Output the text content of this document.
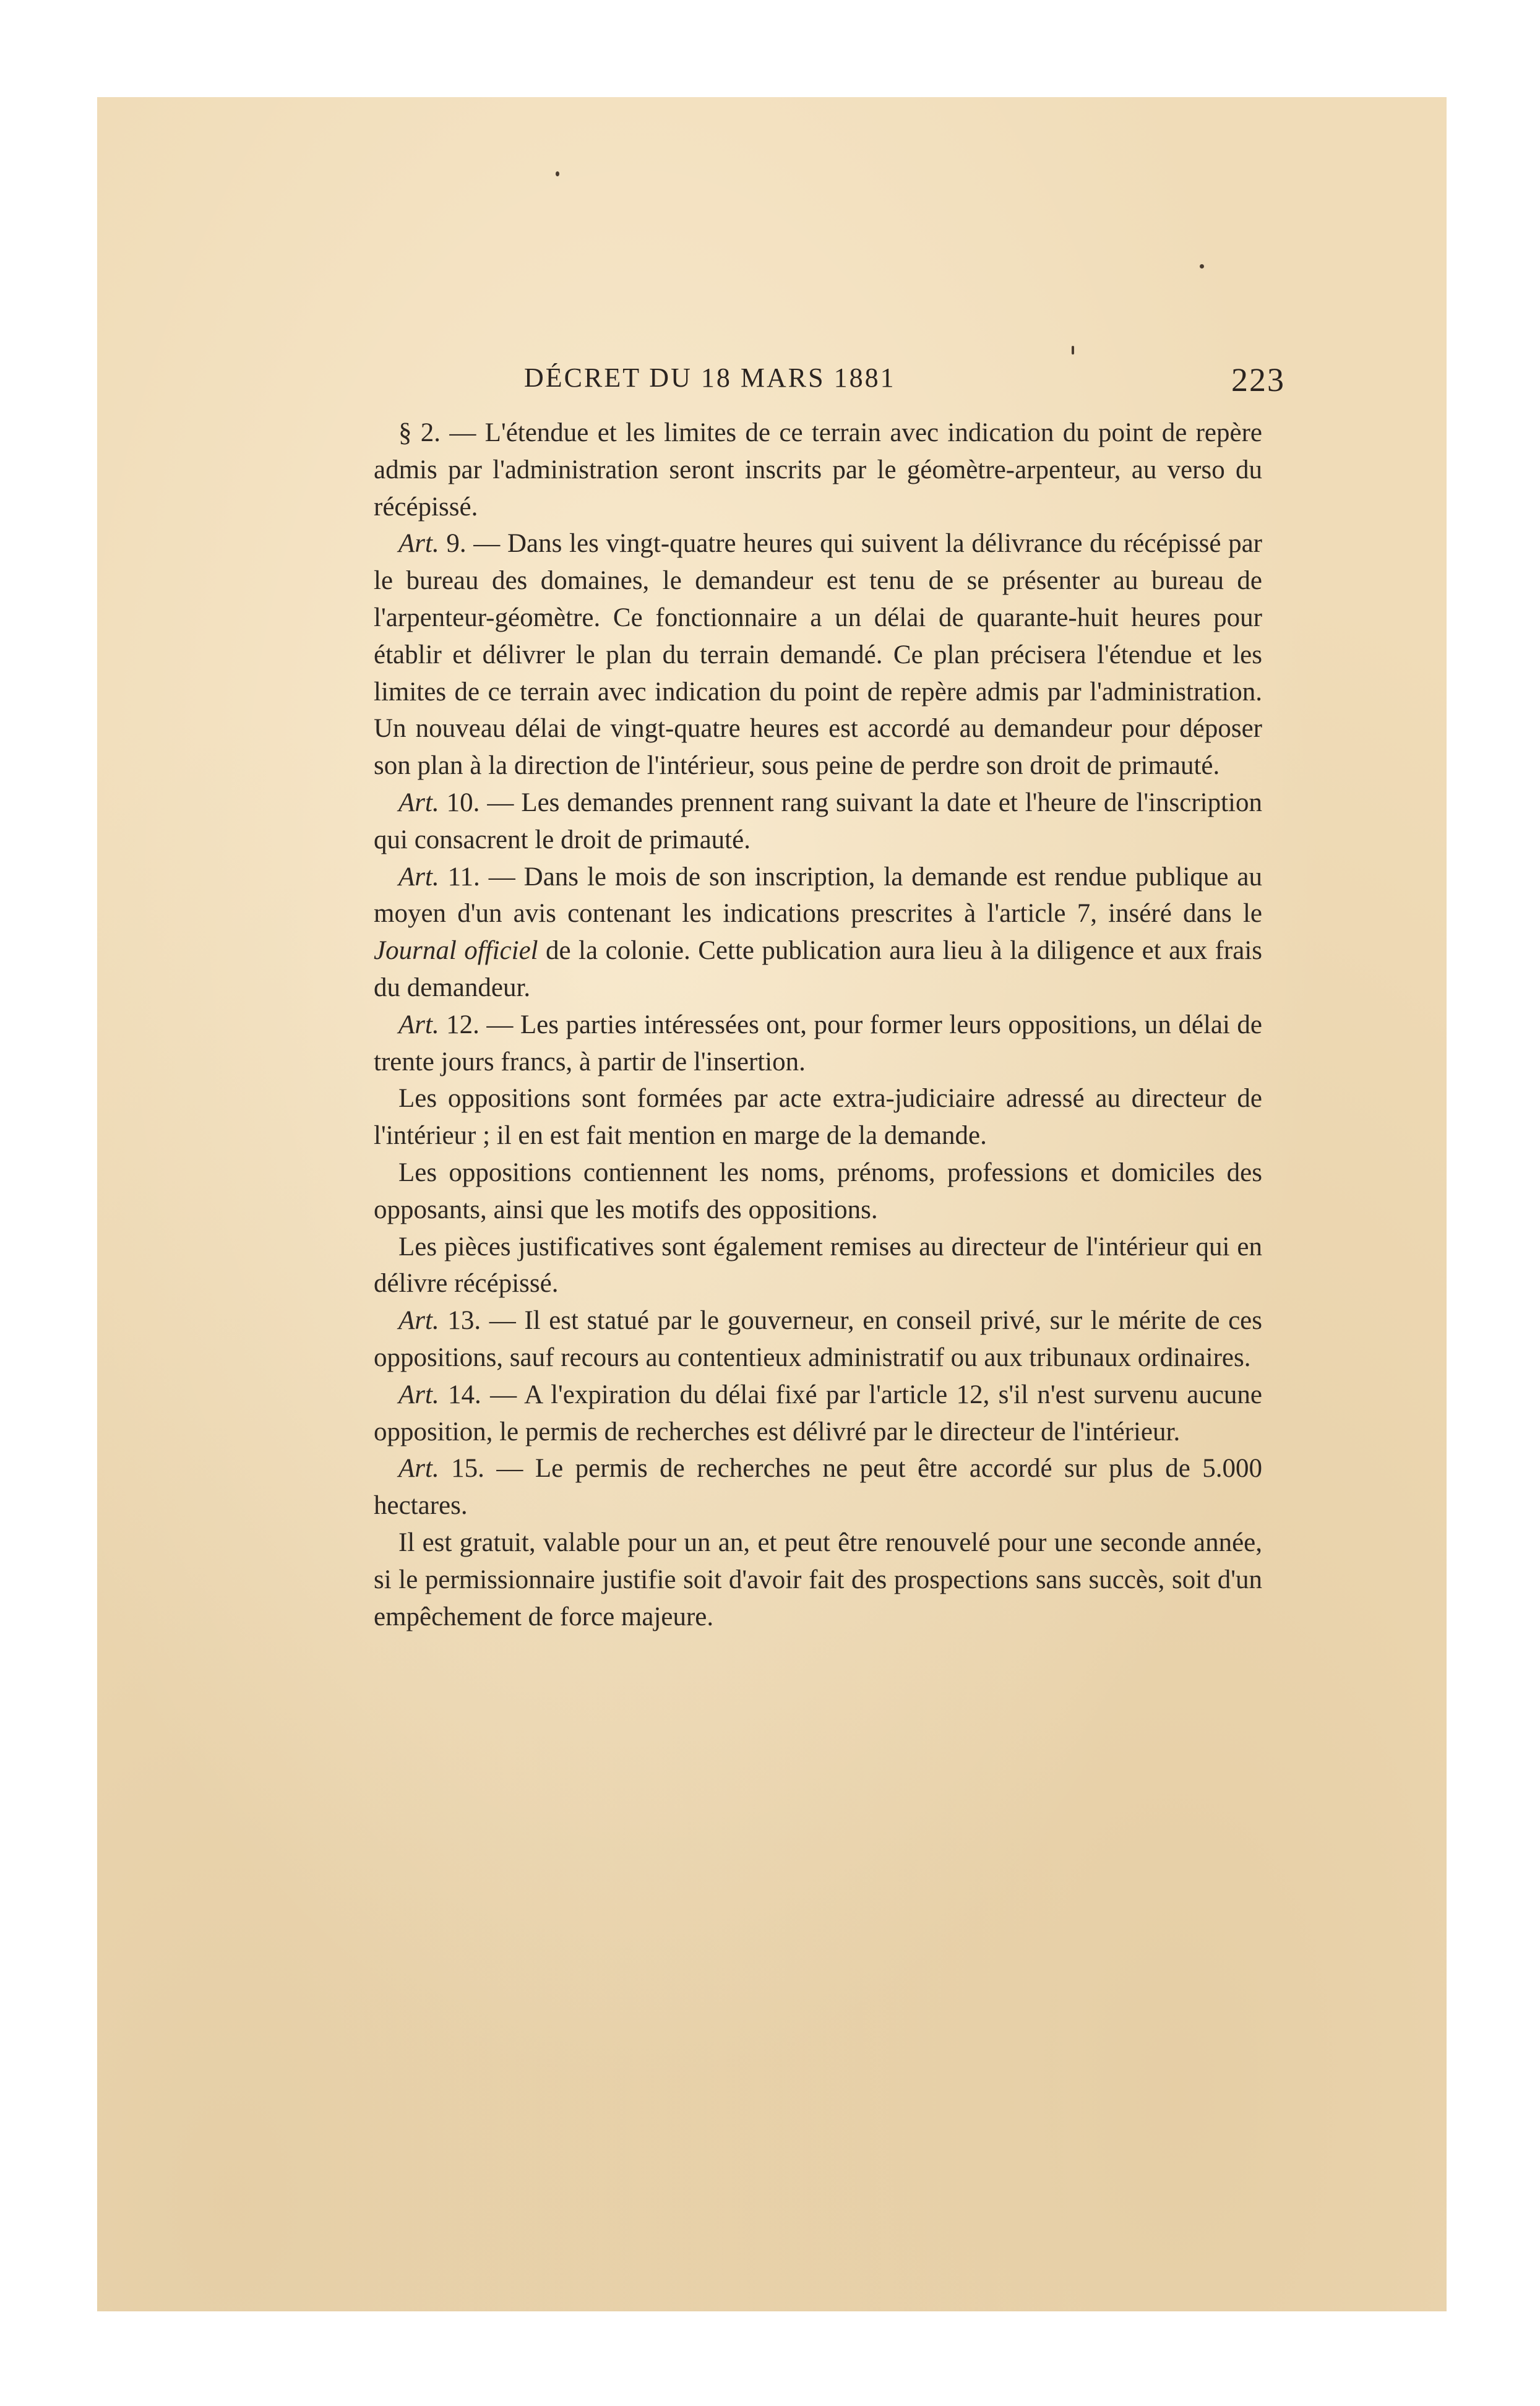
DÉCRET DU 18 MARS 1881	223

§ 2. — L'étendue et les limites de ce terrain avec indication du point de repère admis par l'administration seront inscrits par le géomètre-arpenteur, au verso du récépissé.

Art. 9. — Dans les vingt-quatre heures qui suivent la délivrance du récépissé par le bureau des domaines, le demandeur est tenu de se présenter au bureau de l'arpenteur-géomètre. Ce fonctionnaire a un délai de quarante-huit heures pour établir et délivrer le plan du terrain demandé. Ce plan précisera l'étendue et les limites de ce terrain avec indication du point de repère admis par l'administration. Un nouveau délai de vingt-quatre heures est accordé au demandeur pour déposer son plan à la direction de l'intérieur, sous peine de perdre son droit de primauté.

Art. 10. — Les demandes prennent rang suivant la date et l'heure de l'inscription qui consacrent le droit de primauté.

Art. 11. — Dans le mois de son inscription, la demande est rendue publique au moyen d'un avis contenant les indications prescrites à l'article 7, inséré dans le Journal officiel de la colonie. Cette publication aura lieu à la diligence et aux frais du demandeur.

Art. 12. — Les parties intéressées ont, pour former leurs oppositions, un délai de trente jours francs, à partir de l'insertion.

Les oppositions sont formées par acte extra-judiciaire adressé au directeur de l'intérieur ; il en est fait mention en marge de la demande.

Les oppositions contiennent les noms, prénoms, professions et domiciles des opposants, ainsi que les motifs des oppositions.

Les pièces justificatives sont également remises au directeur de l'intérieur qui en délivre récépissé.

Art. 13. — Il est statué par le gouverneur, en conseil privé, sur le mérite de ces oppositions, sauf recours au contentieux administratif ou aux tribunaux ordinaires.

Art. 14. — A l'expiration du délai fixé par l'article 12, s'il n'est survenu aucune opposition, le permis de recherches est délivré par le directeur de l'intérieur.

Art. 15. — Le permis de recherches ne peut être accordé sur plus de 5.000 hectares.

Il est gratuit, valable pour un an, et peut être renouvelé pour une seconde année, si le permissionnaire justifie soit d'avoir fait des prospections sans succès, soit d'un empêchement de force majeure.
